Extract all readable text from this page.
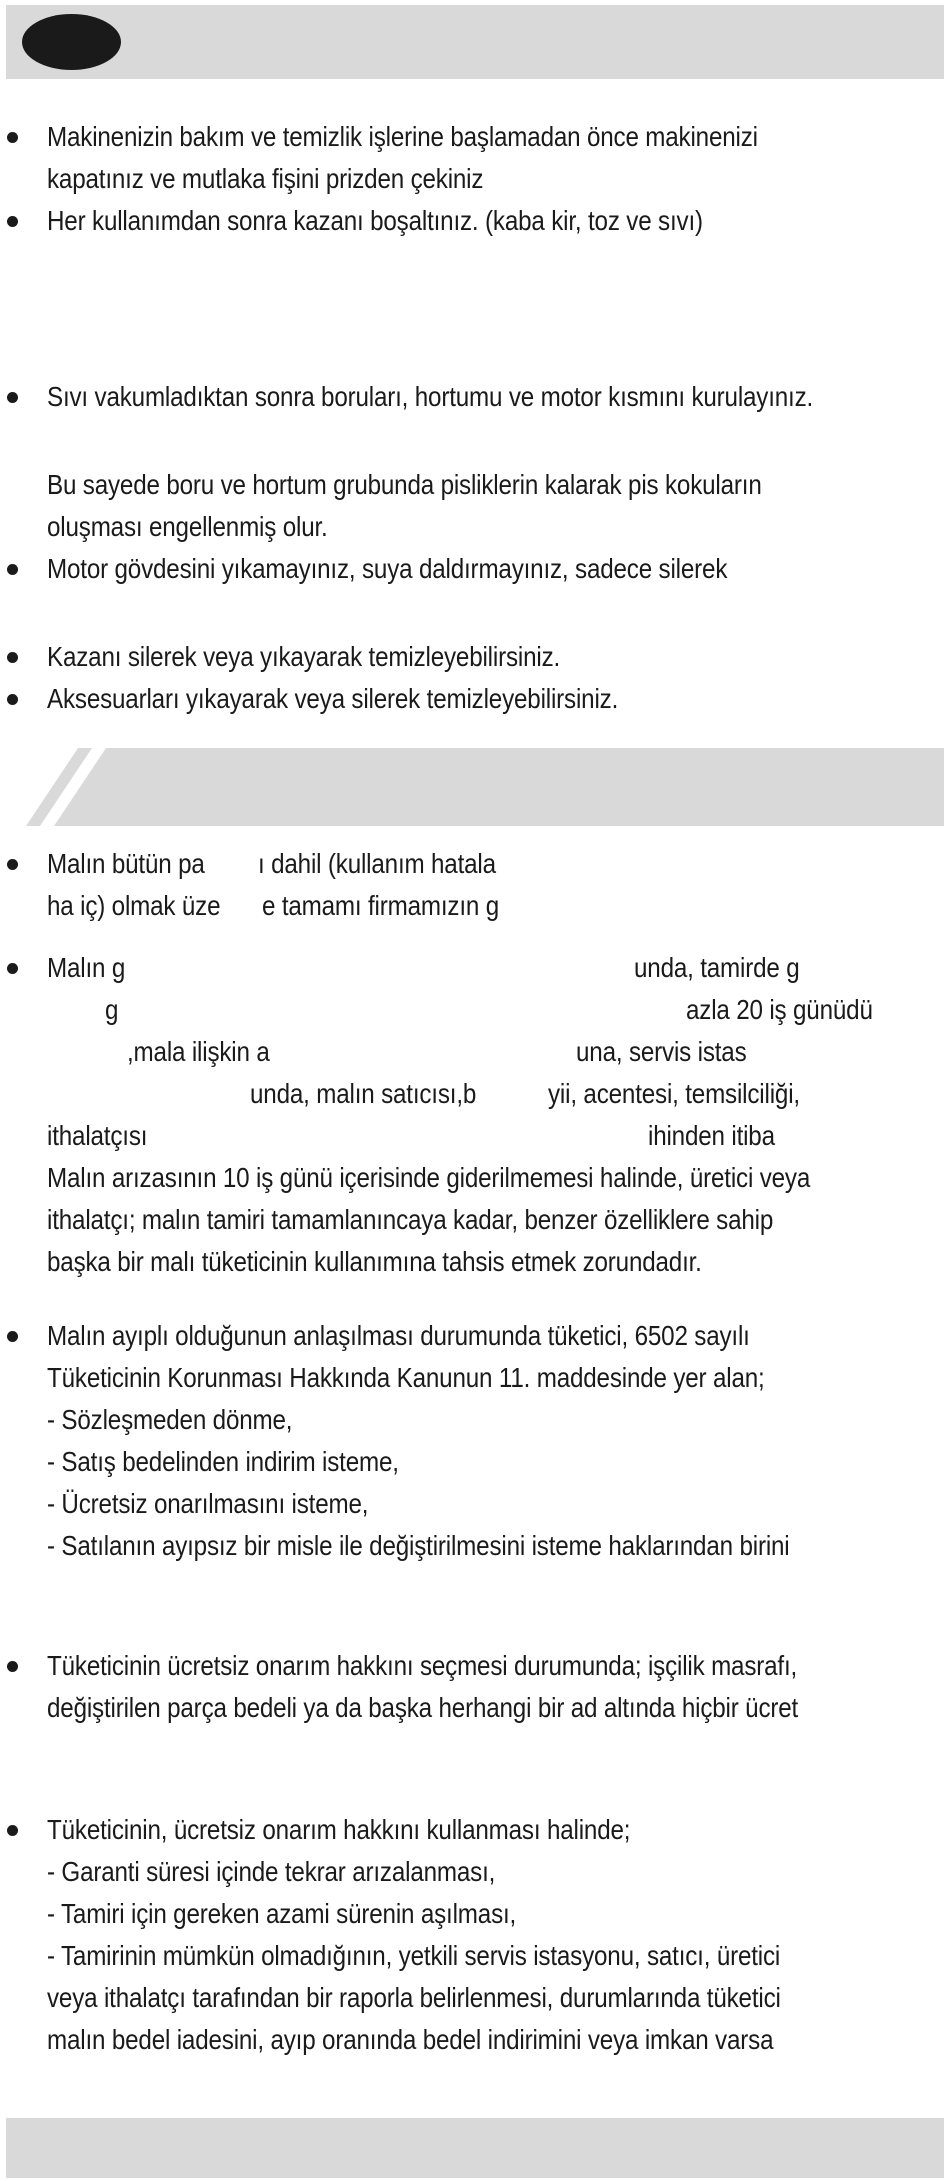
Makinenizin bakım ve temizlik işlerine başlamadan önce makinenizi
kapatınız ve mutlaka fişini prizden çekiniz
Her kullanımdan sonra kazanı boşaltınız. (kaba kir, toz ve sıvı)
Sıvı vakumladıktan sonra boruları, hortumu ve motor kısmını kurulayınız.
Bu sayede boru ve hortum grubunda pisliklerin kalarak pis kokuların
oluşması engellenmiş olur.
Motor gövdesini yıkamayınız, suya daldırmayınız, sadece silerek
Kazanı silerek veya yıkayarak temizleyebilirsiniz.
Aksesuarları yıkayarak veya silerek temizleyebilirsiniz.
Malın bütün pa ı dahil (kullanım hatala
ha iç) olmak üze e tamamı firmamızın g
Malın g	unda, tamirde g
g	azla 20 iş günüdü
,mala ilişkin a	una, servis istas
unda, malın satıcısı,b	yii, acentesi, temsilciliği,
ithalatçısı	ihinden itiba
Malın arızasının 10 iş günü içerisinde giderilmemesi halinde, üretici veya
ithalatçı; malın tamiri tamamlanıncaya kadar, benzer özelliklere sahip
başka bir malı tüketicinin kullanımına tahsis etmek zorundadır.
Malın ayıplı olduğunun anlaşılması durumunda tüketici, 6502 sayılı
Tüketicinin Korunması Hakkında Kanunun 11. maddesinde yer alan;
- Sözleşmeden dönme,
- Satış bedelinden indirim isteme,
- Ücretsiz onarılmasını isteme,
- Satılanın ayıpsız bir misle ile değiştirilmesini isteme haklarından birini
Tüketicinin ücretsiz onarım hakkını seçmesi durumunda; işçilik masrafı,
değiştirilen parça bedeli ya da başka herhangi bir ad altında hiçbir ücret
Tüketicinin, ücretsiz onarım hakkını kullanması halinde;
- Garanti süresi içinde tekrar arızalanması,
- Tamiri için gereken azami sürenin aşılması,
- Tamirinin mümkün olmadığının, yetkili servis istasyonu, satıcı, üretici
veya ithalatçı tarafından bir raporla belirlenmesi, durumlarında tüketici
malın bedel iadesini, ayıp oranında bedel indirimini veya imkan varsa
